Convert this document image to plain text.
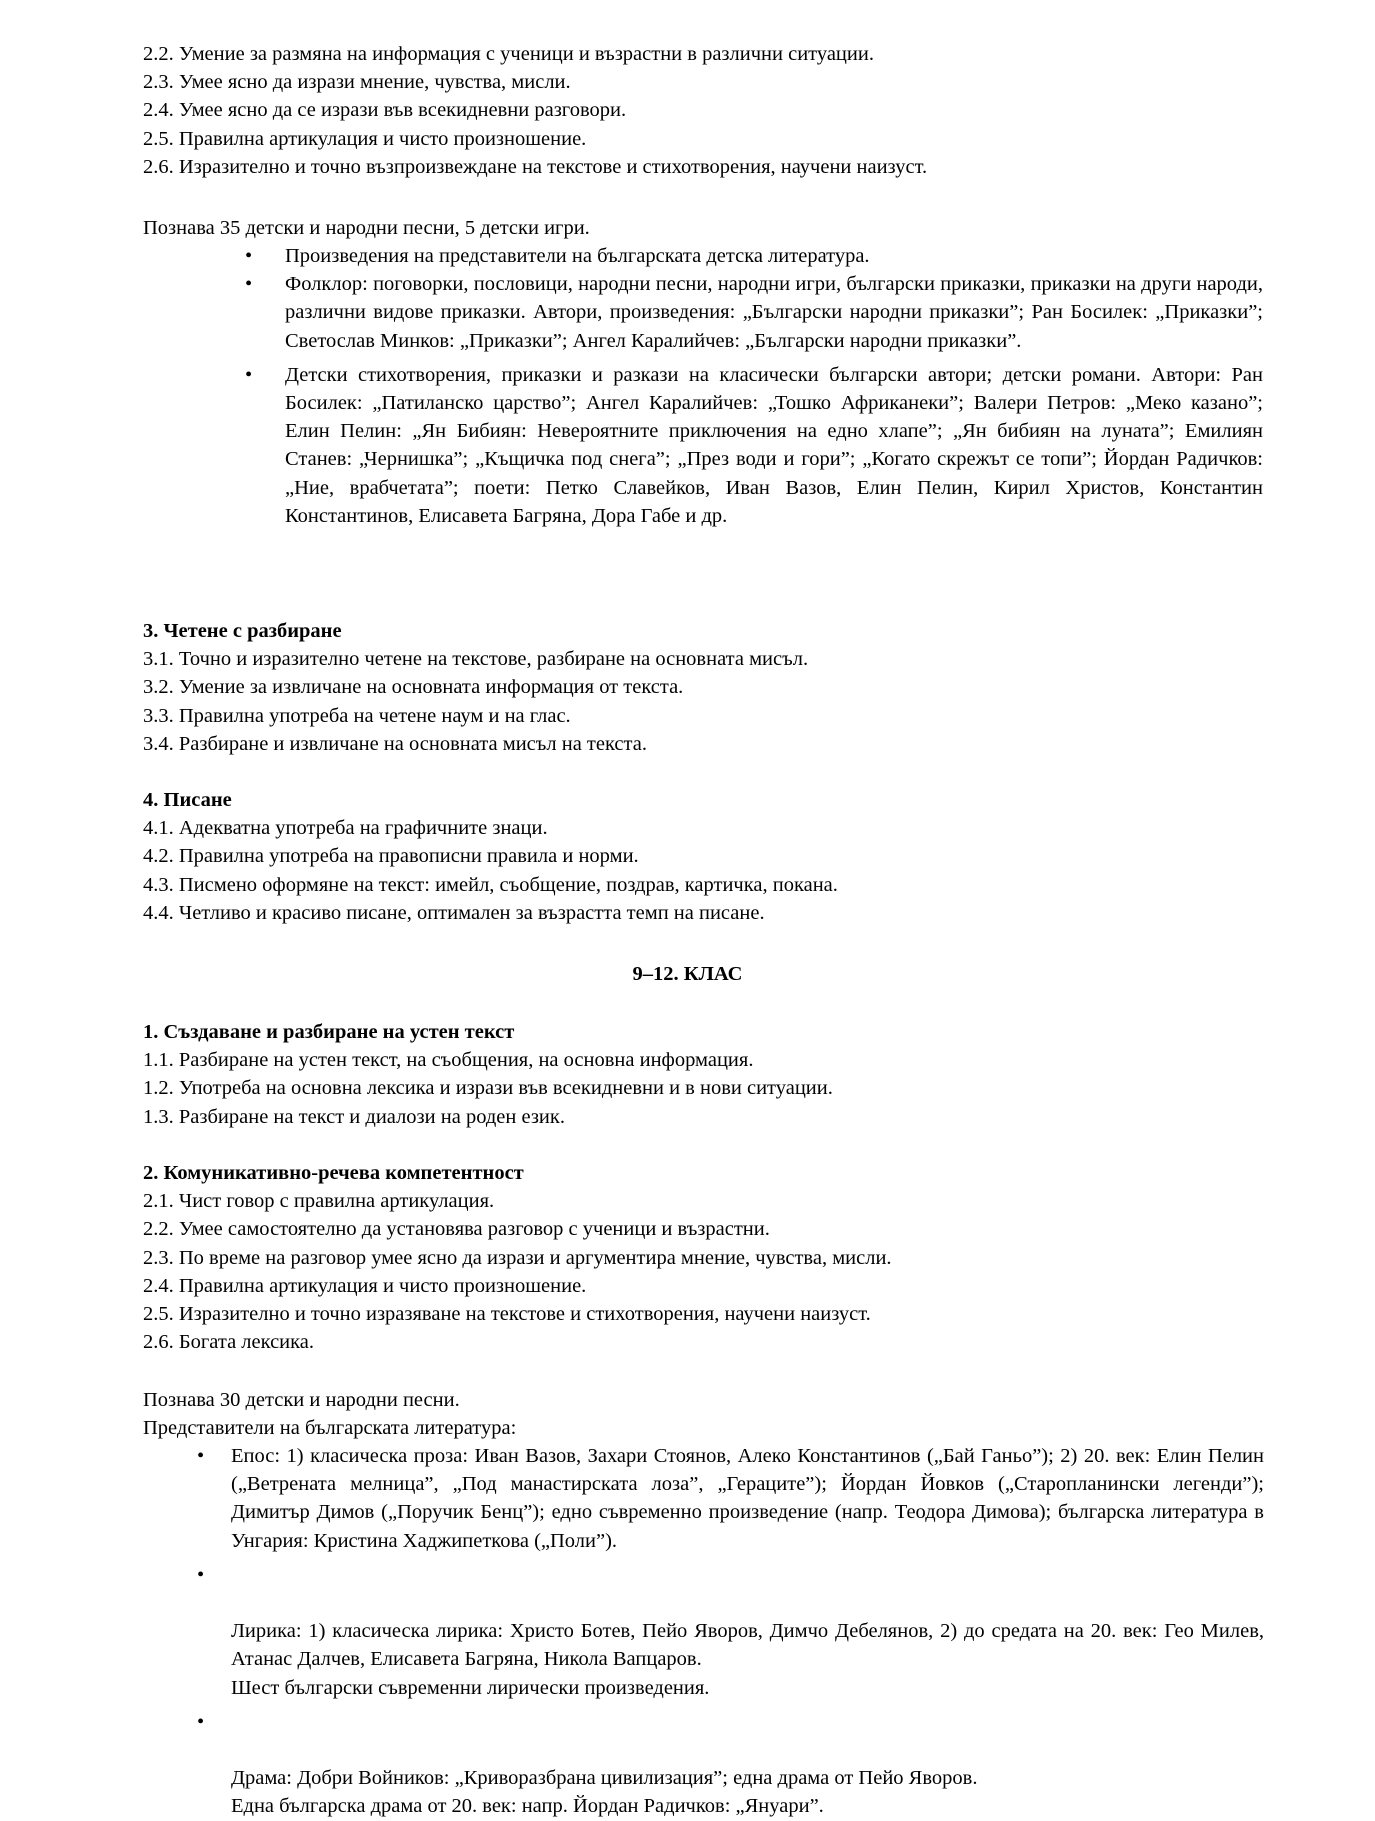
2.2. Умение за размяна на информация с ученици и възрастни в различни ситуации.
2.3. Умее ясно да изрази мнение, чувства, мисли.
2.4. Умее ясно да се изрази във всекидневни разговори.
2.5. Правилна артикулация и чисто произношение.
2.6. Изразително и точно възпроизвеждане на текстове и стихотворения, научени наизуст.
Познава 35 детски и народни песни, 5 детски игри.
• Произведения на представители на българската детска литература.
• Фолклор: поговорки, пословици, народни песни, народни игри, български приказки, приказки на други народи, различни видове приказки. Автори, произведения: „Български народни приказки”; Ран Босилек: „Приказки”; Светослав Минков: „Приказки”; Ангел Каралийчев: „Български народни приказки”.
• Детски стихотворения, приказки и разкази на класически български автори; детски романи. Автори: Ран Босилек: „Патиланско царство”; Ангел Каралийчев: „Тошко Африканеки”; Валери Петров: „Меко казано”; Елин Пелин: „Ян Бибиян: Невероятните приключения на едно хлапе”; „Ян бибиян на луната”; Емилиян Станев: „Чернишка”; „Къщичка под снега”; „През води и гори”; „Когато скрежът се топи”; Йордан Радичков: „Ние, врабчетата”; поети: Петко Славейков, Иван Вазов, Елин Пелин, Кирил Христов, Константин Константинов, Елисавета Багряна, Дора Габе и др.
3. Четене с разбиране
3.1. Точно и изразително четене на текстове, разбиране на основната мисъл.
3.2. Умение за извличане на основната информация от текста.
3.3. Правилна употреба на четене наум и на глас.
3.4. Разбиране и извличане на основната мисъл на текста.
4. Писане
4.1. Адекватна употреба на графичните знаци.
4.2. Правилна употреба на правописни правила и норми.
4.3. Писмено оформяне на текст: имейл, съобщение, поздрав, картичка, покана.
4.4. Четливо и красиво писане, оптимален за възрастта темп на писане.
9–12. КЛАС
1. Създаване и разбиране на устен текст
1.1. Разбиране на устен текст, на съобщения, на основна информация.
1.2. Употреба на основна лексика и изрази във всекидневни и в нови ситуации.
1.3. Разбиране на текст и диалози на роден език.
2. Комуникативно-речева компетентност
2.1. Чист говор с правилна артикулация.
2.2. Умее самостоятелно да установява разговор с ученици и възрастни.
2.3. По време на разговор умее ясно да изрази и аргументира мнение, чувства, мисли.
2.4. Правилна артикулация и чисто произношение.
2.5. Изразително и точно изразяване на текстове и стихотворения, научени наизуст.
2.6. Богата лексика.
Познава 30 детски и народни песни.
Представители на българската литература:
• Епос: 1) класическа проза: Иван Вазов, Захари Стоянов, Алеко Константинов („Бай Ганьо”); 2) 20. век: Елин Пелин („Ветрената мелница”, „Под манастирската лоза”, „Гераците”); Йордан Йовков („Старопланински легенди”); Димитър Димов („Поручик Бенц”); едно съвременно произведение (напр. Теодора Димова); българска литература в Унгария: Кристина Хаджипеткова („Поли”).

•

Лирика: 1) класическа лирика: Христо Ботев, Пейо Яворов, Димчо Дебелянов, 2) до средата на 20. век: Гео Милев, Атанас Далчев, Елисавета Багряна, Никола Вапцаров.
Шест български съвременни лирически произведения.

•

Драма: Добри Войников: „Криворазбрана цивилизация”; една драма от Пейо Яворов.
Една българска драма от 20. век: напр. Йордан Радичков: „Януари”.
